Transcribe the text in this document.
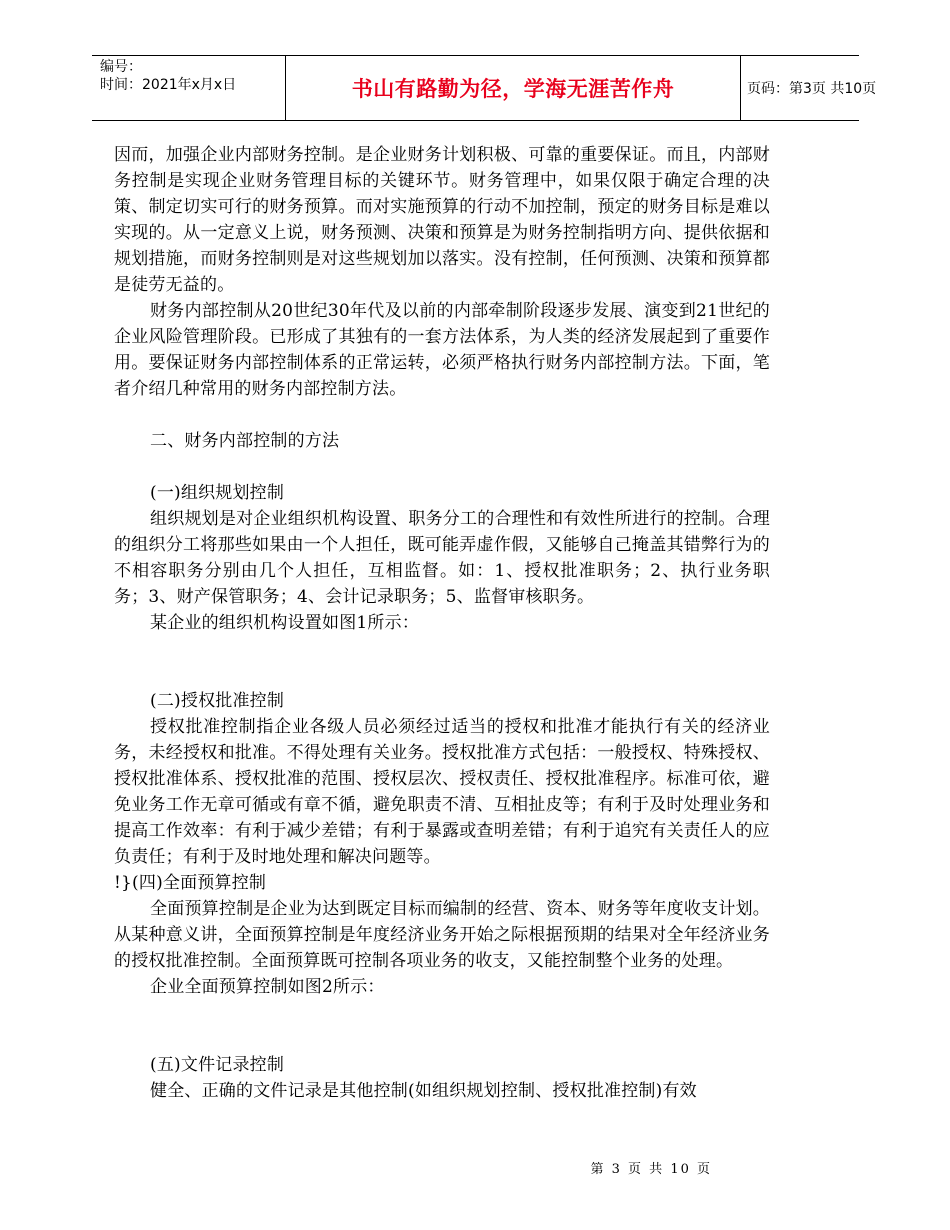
编号：
时间：2021年x月x日	书山有路勤为径，学海无涯苦作舟	页码：第3页 共10页

因而，加强企业内部财务控制。是企业财务计划积极、可靠的重要保证。而且，内部财务控制是实现企业财务管理目标的关键环节。财务管理中，如果仅限于确定合理的决策、制定切实可行的财务预算。而对实施预算的行动不加控制，预定的财务目标是难以实现的。从一定意义上说，财务预测、决策和预算是为财务控制指明方向、提供依据和规划措施，而财务控制则是对这些规划加以落实。没有控制，任何预测、决策和预算都是徒劳无益的。

财务内部控制从20世纪30年代及以前的内部牵制阶段逐步发展、演变到21世纪的企业风险管理阶段。已形成了其独有的一套方法体系，为人类的经济发展起到了重要作用。要保证财务内部控制体系的正常运转，必须严格执行财务内部控制方法。下面，笔者介绍几种常用的财务内部控制方法。

二、财务内部控制的方法

(一)组织规划控制

组织规划是对企业组织机构设置、职务分工的合理性和有效性所进行的控制。合理的组织分工将那些如果由一个人担任，既可能弄虚作假，又能够自己掩盖其错弊行为的不相容职务分别由几个人担任，互相监督。如：1、授权批准职务；2、执行业务职务；3、财产保管职务；4、会计记录职务；5、监督审核职务。

某企业的组织机构设置如图1所示：

(二)授权批准控制

授权批准控制指企业各级人员必须经过适当的授权和批准才能执行有关的经济业务，未经授权和批准。不得处理有关业务。授权批准方式包括：一般授权、特殊授权、授权批准体系、授权批准的范围、授权层次、授权责任、授权批准程序。标准可依，避免业务工作无章可循或有章不循，避免职责不清、互相扯皮等；有利于及时处理业务和提高工作效率：有利于减少差错；有利于暴露或查明差错；有利于追究有关责任人的应负责任；有利于及时地处理和解决问题等。

!}(四)全面预算控制

全面预算控制是企业为达到既定目标而编制的经营、资本、财务等年度收支计划。从某种意义讲，全面预算控制是年度经济业务开始之际根据预期的结果对全年经济业务的授权批准控制。全面预算既可控制各项业务的收支，又能控制整个业务的处理。

企业全面预算控制如图2所示：

(五)文件记录控制

健全、正确的文件记录是其他控制(如组织规划控制、授权批准控制)有效

第 3 页 共 10 页
